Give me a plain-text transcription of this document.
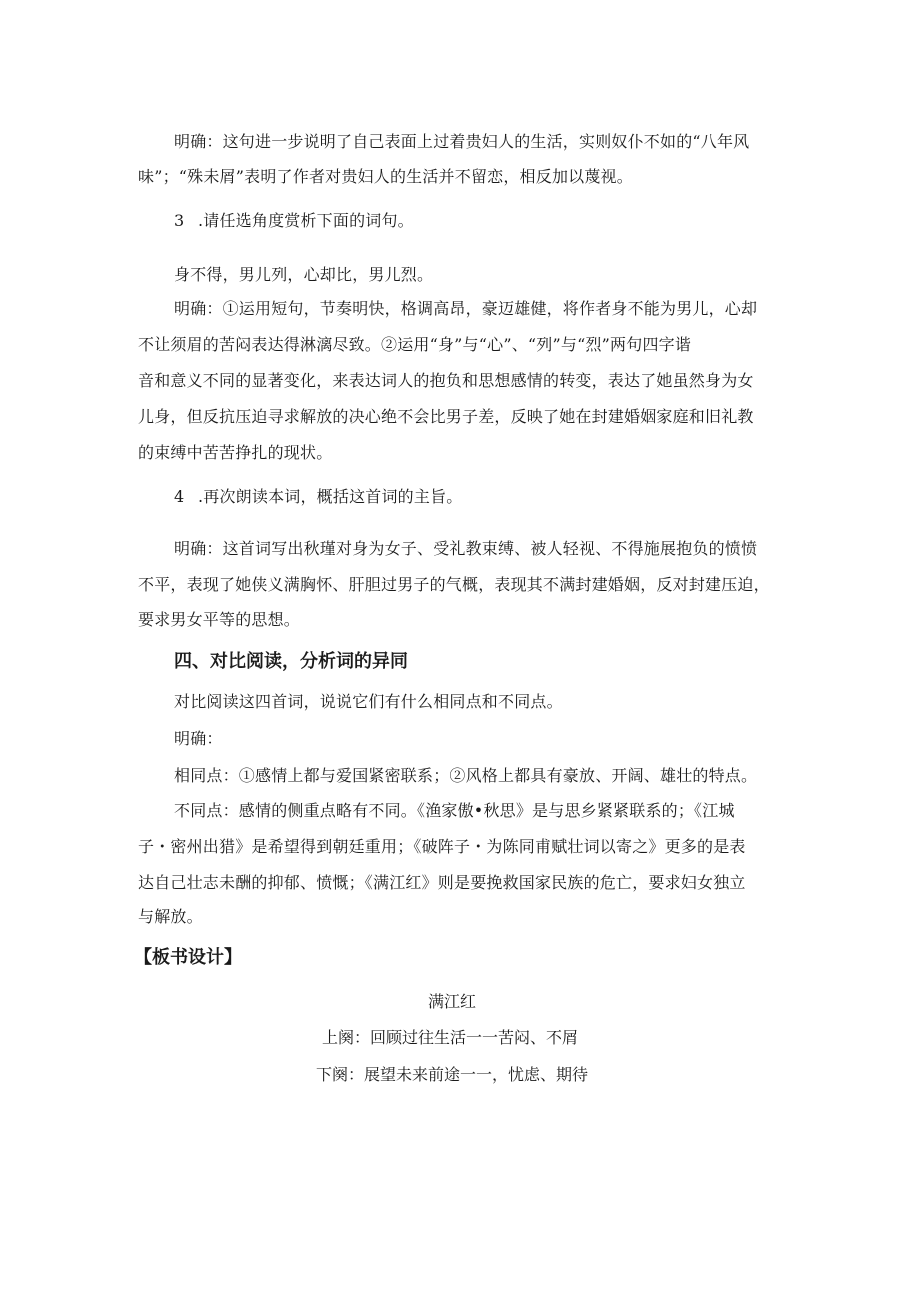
明确：这句进一步说明了自己表面上过着贵妇人的生活，实则奴仆不如的“八年风
味”；“殊未屑”表明了作者对贵妇人的生活并不留恋，相反加以蔑视。
3 .请任选角度赏析下面的词句。
身不得，男儿列，心却比，男儿烈。
明确：①运用短句，节奏明快，格调高昂，豪迈雄健，将作者身不能为男儿，心却
不让须眉的苦闷表达得淋漓尽致。②运用“身”与“心”、“列”与“烈”两句四字谐
音和意义不同的显著变化，来表达词人的抱负和思想感情的转变，表达了她虽然身为女
儿身，但反抗压迫寻求解放的决心绝不会比男子差，反映了她在封建婚姻家庭和旧礼教
的束缚中苦苦挣扎的现状。
4 .再次朗读本词，概括这首词的主旨。
明确：这首词写出秋瑾对身为女子、受礼教束缚、被人轻视、不得施展抱负的愤愤
不平，表现了她侠义满胸怀、肝胆过男子的气概，表现其不满封建婚姻，反对封建压迫，
要求男女平等的思想。
四、对比阅读，分析词的异同
对比阅读这四首词，说说它们有什么相同点和不同点。
明确：
相同点：①感情上都与爱国紧密联系；②风格上都具有豪放、开阔、雄壮的特点。
不同点：感情的侧重点略有不同。《渔家傲•秋思》是与思乡紧紧联系的；《江城
子・密州出猎》是希望得到朝廷重用；《破阵子・为陈同甫赋壮词以寄之》更多的是表
达自己壮志未酬的抑郁、愤慨；《满江红》则是要挽救国家民族的危亡，要求妇女独立
与解放。
【板书设计】
满江红
上阕：回顾过往生活一一苦闷、不屑
下阕：展望未来前途一一，忧虑、期待
